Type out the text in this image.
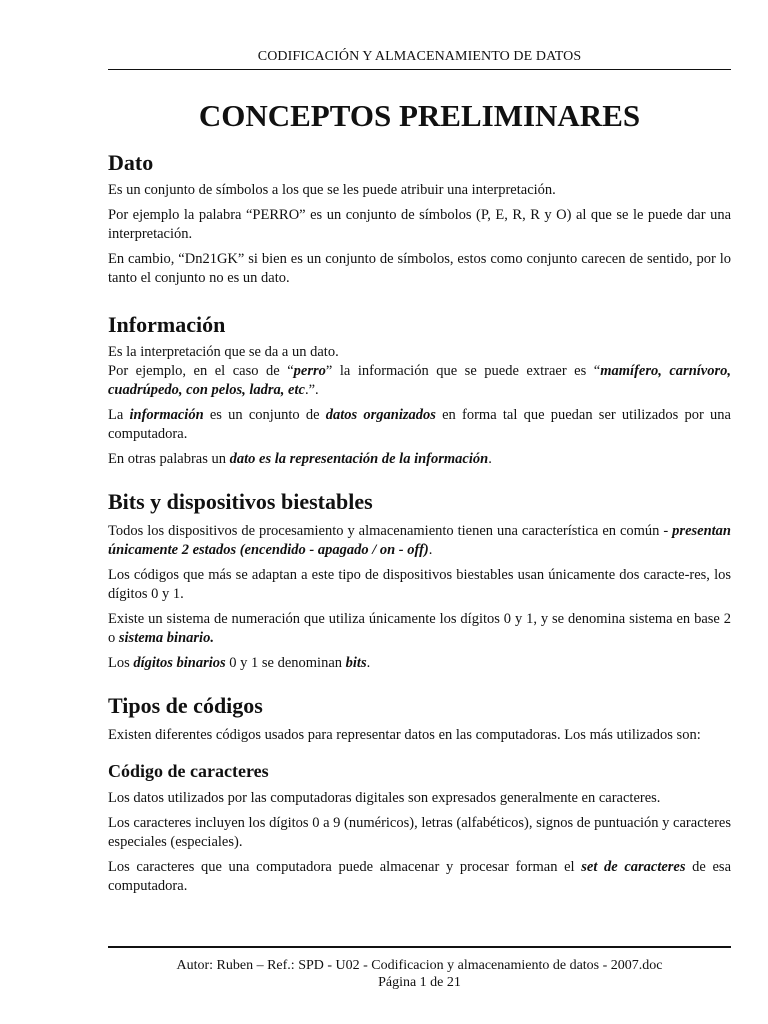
CODIFICACIÓN Y ALMACENAMIENTO DE DATOS
CONCEPTOS PRELIMINARES
Dato

Es un conjunto de símbolos a los que se les puede atribuir una interpretación.

Por ejemplo la palabra “PERRO” es un conjunto de símbolos (P, E, R, R y O) al que se le puede dar una interpretación.

En cambio, “Dn21GK” si bien es un conjunto de símbolos, estos como conjunto carecen de sentido, por lo tanto el conjunto no es un dato.

Información

Es la interpretación que se da a un dato.

Por ejemplo, en el caso de “perro” la información que se puede extraer es “mamífero, carnívoro, cuadrúpedo, con pelos, ladra, etc.”.

La información es un conjunto de datos organizados en forma tal que puedan ser utilizados por una computadora.

En otras palabras un dato es la representación de la información.

Bits y dispositivos biestables

Todos los dispositivos de procesamiento y almacenamiento tienen una característica en común - presentan únicamente 2 estados (encendido - apagado / on - off).

Los códigos que más se adaptan a este tipo de dispositivos biestables usan únicamente dos caracte-res, los dígitos 0 y 1.

Existe un sistema de numeración que utiliza únicamente los dígitos 0 y 1, y se denomina sistema en base 2 o sistema binario.

Los dígitos binarios 0 y 1 se denominan bits.

Tipos de códigos

Existen diferentes códigos usados para representar datos en las computadoras. Los más utilizados son:

Código de caracteres

Los datos utilizados por las computadoras digitales son expresados generalmente en caracteres.

Los caracteres incluyen los dígitos 0 a 9 (numéricos), letras (alfabéticos), signos de puntuación y caracteres especiales (especiales).

Los caracteres que una computadora puede almacenar y procesar forman el set de caracteres de esa computadora.

Autor: Ruben – Ref.: SPD - U02 - Codificacion y almacenamiento de datos - 2007.doc
Página 1 de 21
